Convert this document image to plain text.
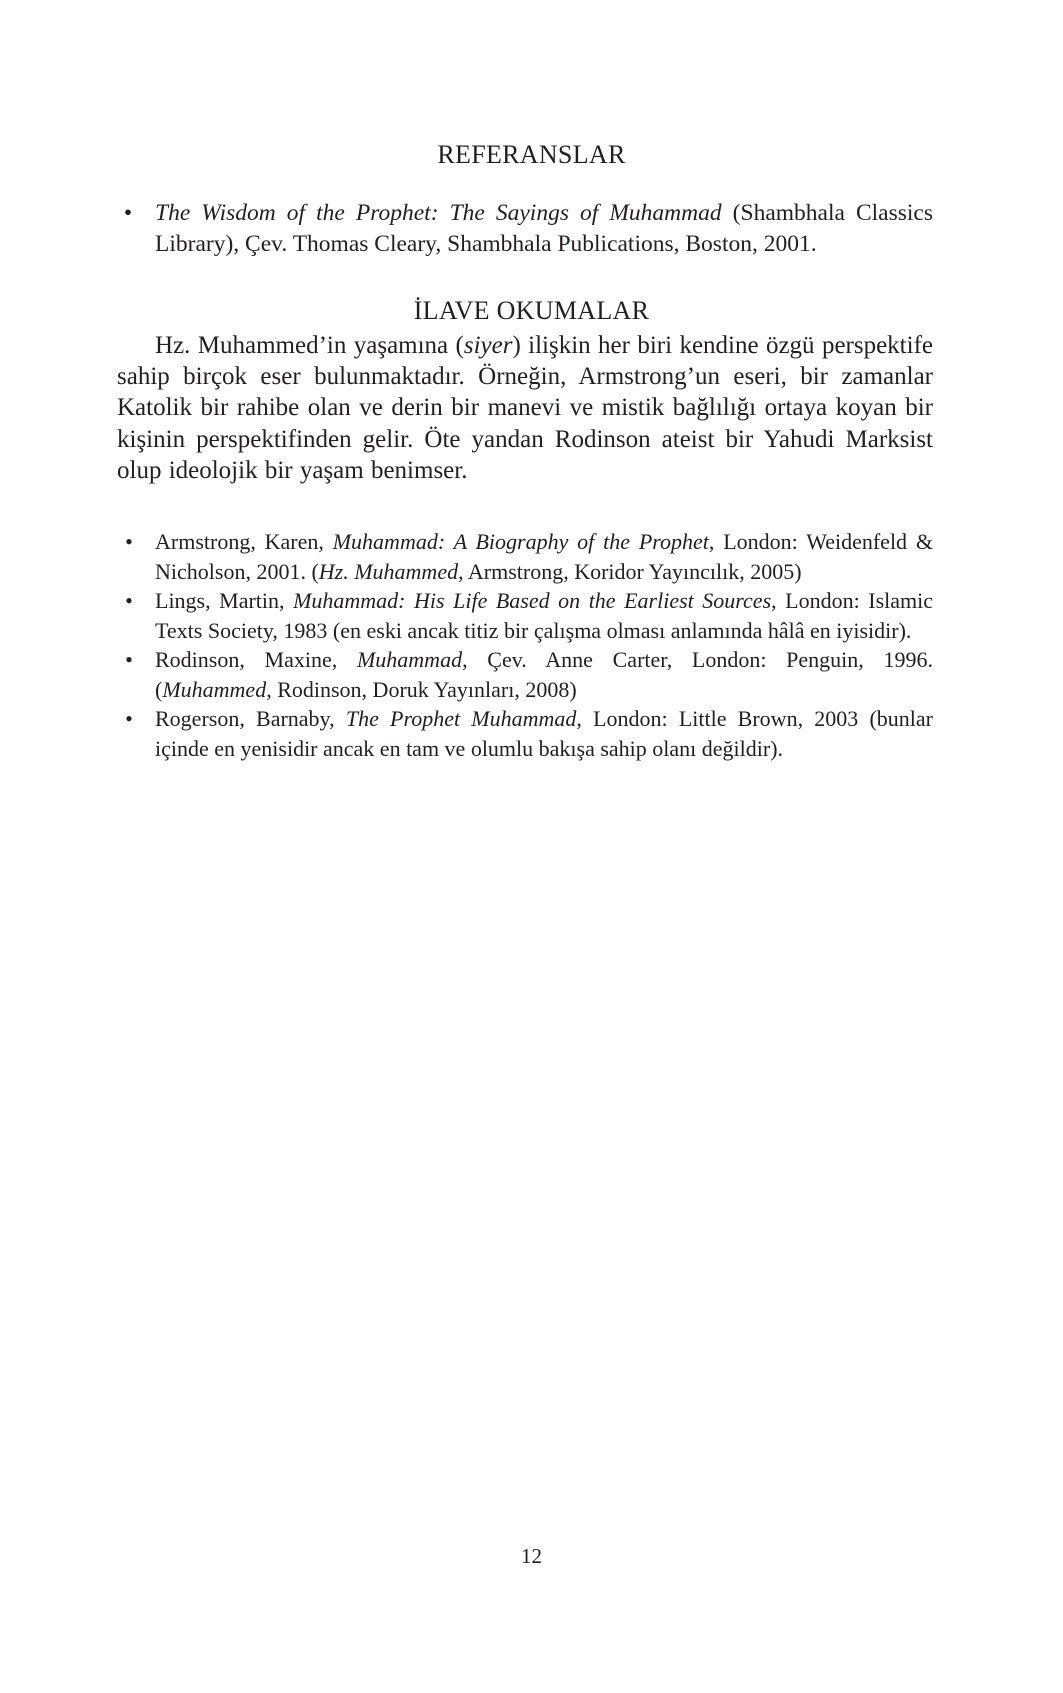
REFERANSLAR
• The Wisdom of the Prophet: The Sayings of Muhammad (Shambhala Classics Library), Çev. Thomas Cleary, Shambhala Publications, Boston, 2001.
İLAVE OKUMALAR

Hz. Muhammed’in yaşamına (siyer) ilişkin her biri kendine özgü perspektife sahip birçok eser bulunmaktadır. Örneğin, Armstrong’un eseri, bir zamanlar Katolik bir rahibe olan ve derin bir manevi ve mistik bağlılığı ortaya koyan bir kişinin perspektifinden gelir. Öte yandan Rodinson ateist bir Yahudi Marksist olup ideolojik bir yaşam benimser.

• Armstrong, Karen, Muhammad: A Biography of the Prophet, London: Weidenfeld & Nicholson, 2001. (Hz. Muhammed, Armstrong, Koridor Yayıncılık, 2005)
• Lings, Martin, Muhammad: His Life Based on the Earliest Sources, London: Islamic Texts Society, 1983 (en eski ancak titiz bir çalışma olması anlamında hâlâ en iyisidir).
• Rodinson, Maxine, Muhammad, Çev. Anne Carter, London: Penguin, 1996. (Muhammed, Rodinson, Doruk Yayınları, 2008)
• Rogerson, Barnaby, The Prophet Muhammad, London: Little Brown, 2003 (bunlar içinde en yenisidir ancak en tam ve olumlu bakışa sahip olanı değildir).
12
